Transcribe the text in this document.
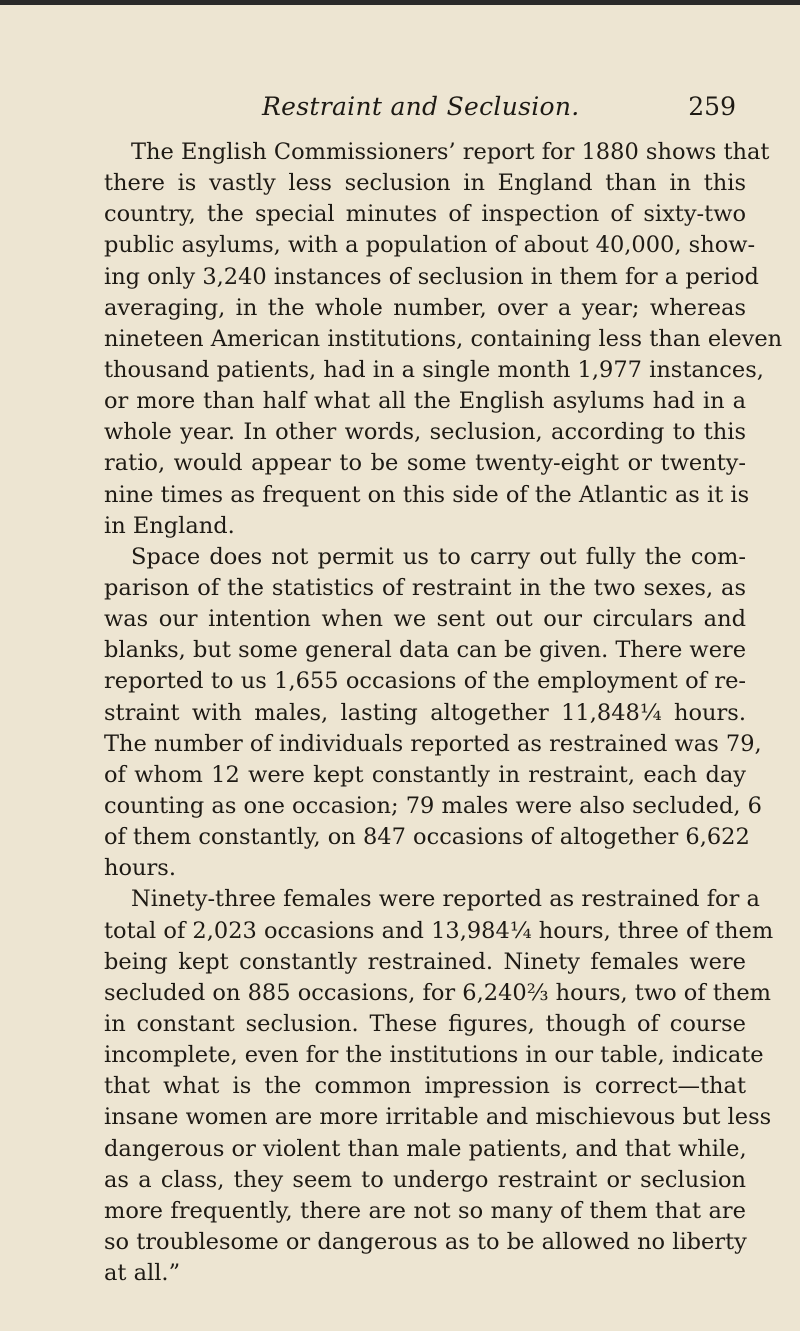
Restraint and Seclusion.	259
The English Commissioners’ report for 1880 shows that
there is vastly less seclusion in England than in this
country, the special minutes of inspection of sixty-two
public asylums, with a population of about 40,000, show-
ing only 3,240 instances of seclusion in them for a period
averaging, in the whole number, over a year; whereas
nineteen American institutions, containing less than eleven
thousand patients, had in a single month 1,977 instances,
or more than half what all the English asylums had in a
whole year. In other words, seclusion, according to this
ratio, would appear to be some twenty-eight or twenty-
nine times as frequent on this side of the Atlantic as it is
in England.
Space does not permit us to carry out fully the com-
parison of the statistics of restraint in the two sexes, as
was our intention when we sent out our circulars and
blanks, but some general data can be given. There were
reported to us 1,655 occasions of the employment of re-
straint with males, lasting altogether 11,848¼ hours.
The number of individuals reported as restrained was 79,
of whom 12 were kept constantly in restraint, each day
counting as one occasion; 79 males were also secluded, 6
of them constantly, on 847 occasions of altogether 6,622
hours.
Ninety-three females were reported as restrained for a
total of 2,023 occasions and 13,984¼ hours, three of them
being kept constantly restrained. Ninety females were
secluded on 885 occasions, for 6,240⅔ hours, two of them
in constant seclusion. These figures, though of course
incomplete, even for the institutions in our table, indicate
that what is the common impression is correct—that
insane women are more irritable and mischievous but less
dangerous or violent than male patients, and that while,
as a class, they seem to undergo restraint or seclusion
more frequently, there are not so many of them that are
so troublesome or dangerous as to be allowed no liberty
at all.”
